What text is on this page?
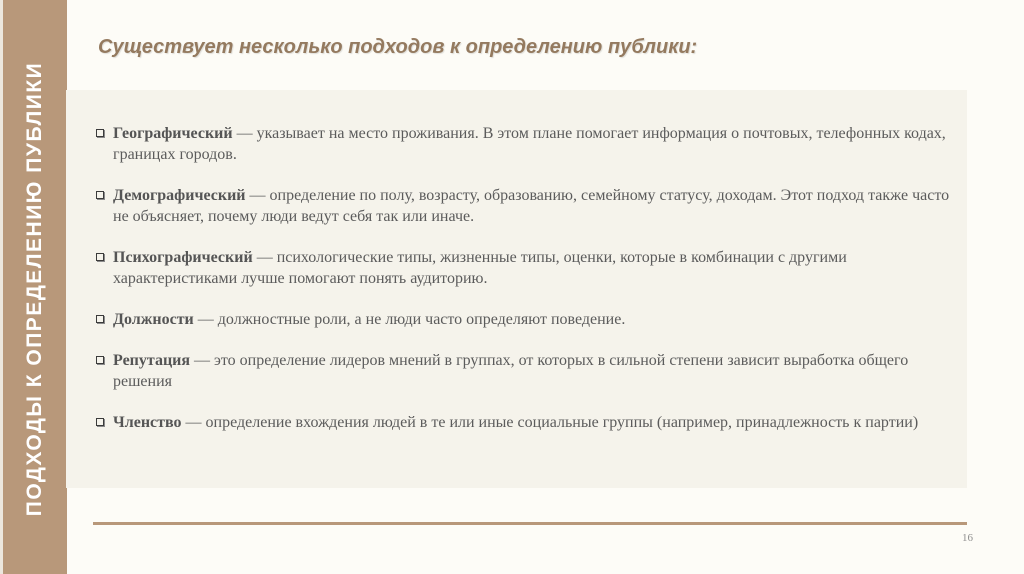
ПОДХОДЫ К ОПРЕДЕЛЕНИЮ ПУБЛИКИ
Существует несколько подходов к определению публики:
Географический — указывает на место проживания. В этом плане помогает информация о почтовых, телефонных кодах, границах городов.
Демографический — определение по полу, возрасту, образованию, семейному статусу, доходам. Этот подход также часто не объясняет, почему люди ведут себя так или иначе.
Психографический — психологические типы, жизненные типы, оценки, которые в комбинации с другими характеристиками лучше помогают понять аудиторию.
Должности — должностные роли, а не люди часто определяют поведение.
Репутация — это определение лидеров мнений в группах, от которых в сильной степени зависит выработка общего решения
Членство — определение вхождения людей в те или иные социальные группы (например, принадлежность к партии)
16
